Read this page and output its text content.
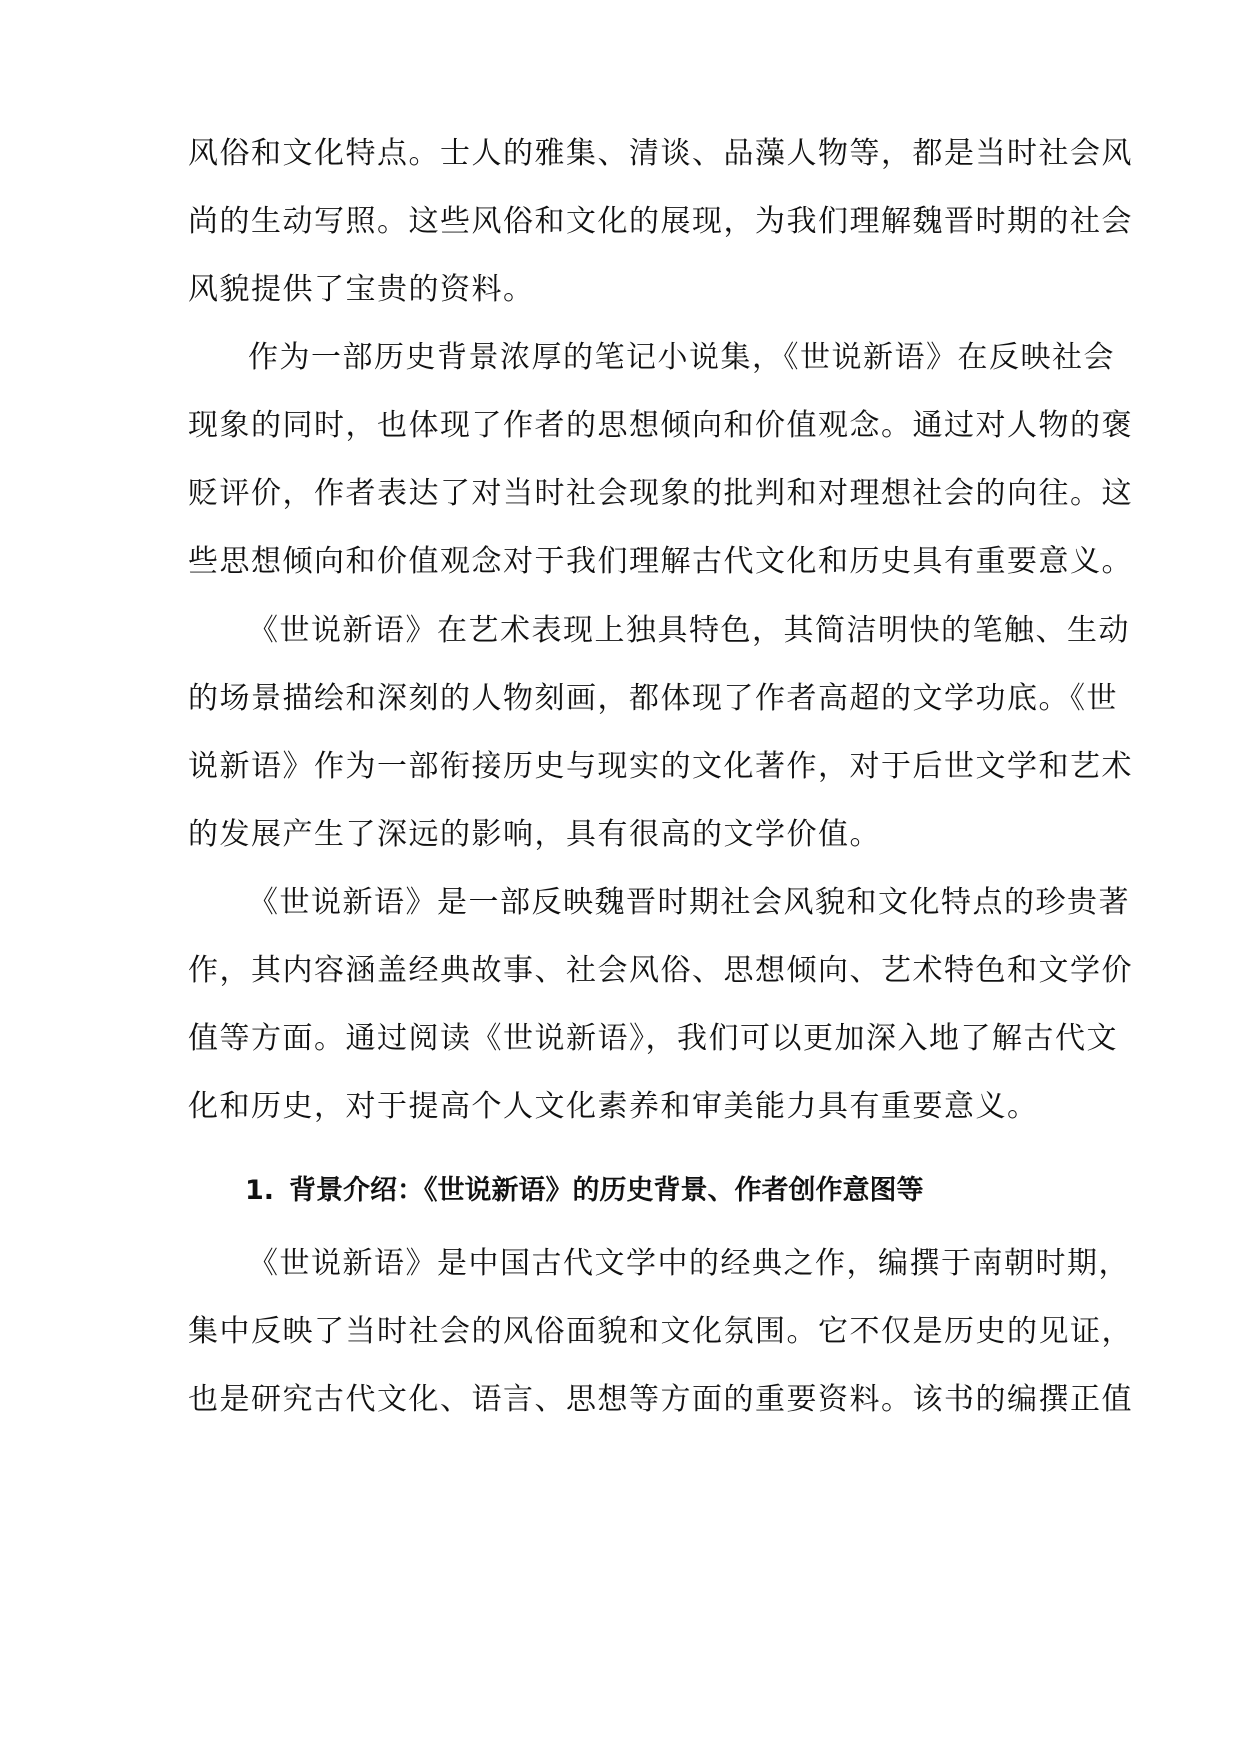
风俗和文化特点。士人的雅集、清谈、品藻人物等，都是当时社会风
尚的生动写照。这些风俗和文化的展现，为我们理解魏晋时期的社会
风貌提供了宝贵的资料。
作为一部历史背景浓厚的笔记小说集，《世说新语》在反映社会
现象的同时，也体现了作者的思想倾向和价值观念。通过对人物的褒
贬评价，作者表达了对当时社会现象的批判和对理想社会的向往。这
些思想倾向和价值观念对于我们理解古代文化和历史具有重要意义。
《世说新语》在艺术表现上独具特色，其简洁明快的笔触、生动
的场景描绘和深刻的人物刻画，都体现了作者高超的文学功底。《世
说新语》作为一部衔接历史与现实的文化著作，对于后世文学和艺术
的发展产生了深远的影响，具有很高的文学价值。
《世说新语》是一部反映魏晋时期社会风貌和文化特点的珍贵著
作，其内容涵盖经典故事、社会风俗、思想倾向、艺术特色和文学价
值等方面。通过阅读《世说新语》，我们可以更加深入地了解古代文
化和历史，对于提高个人文化素养和审美能力具有重要意义。
1. 背景介绍：《世说新语》的历史背景、作者创作意图等
《世说新语》是中国古代文学中的经典之作，编撰于南朝时期，
集中反映了当时社会的风俗面貌和文化氛围。它不仅是历史的见证，
也是研究古代文化、语言、思想等方面的重要资料。该书的编撰正值
